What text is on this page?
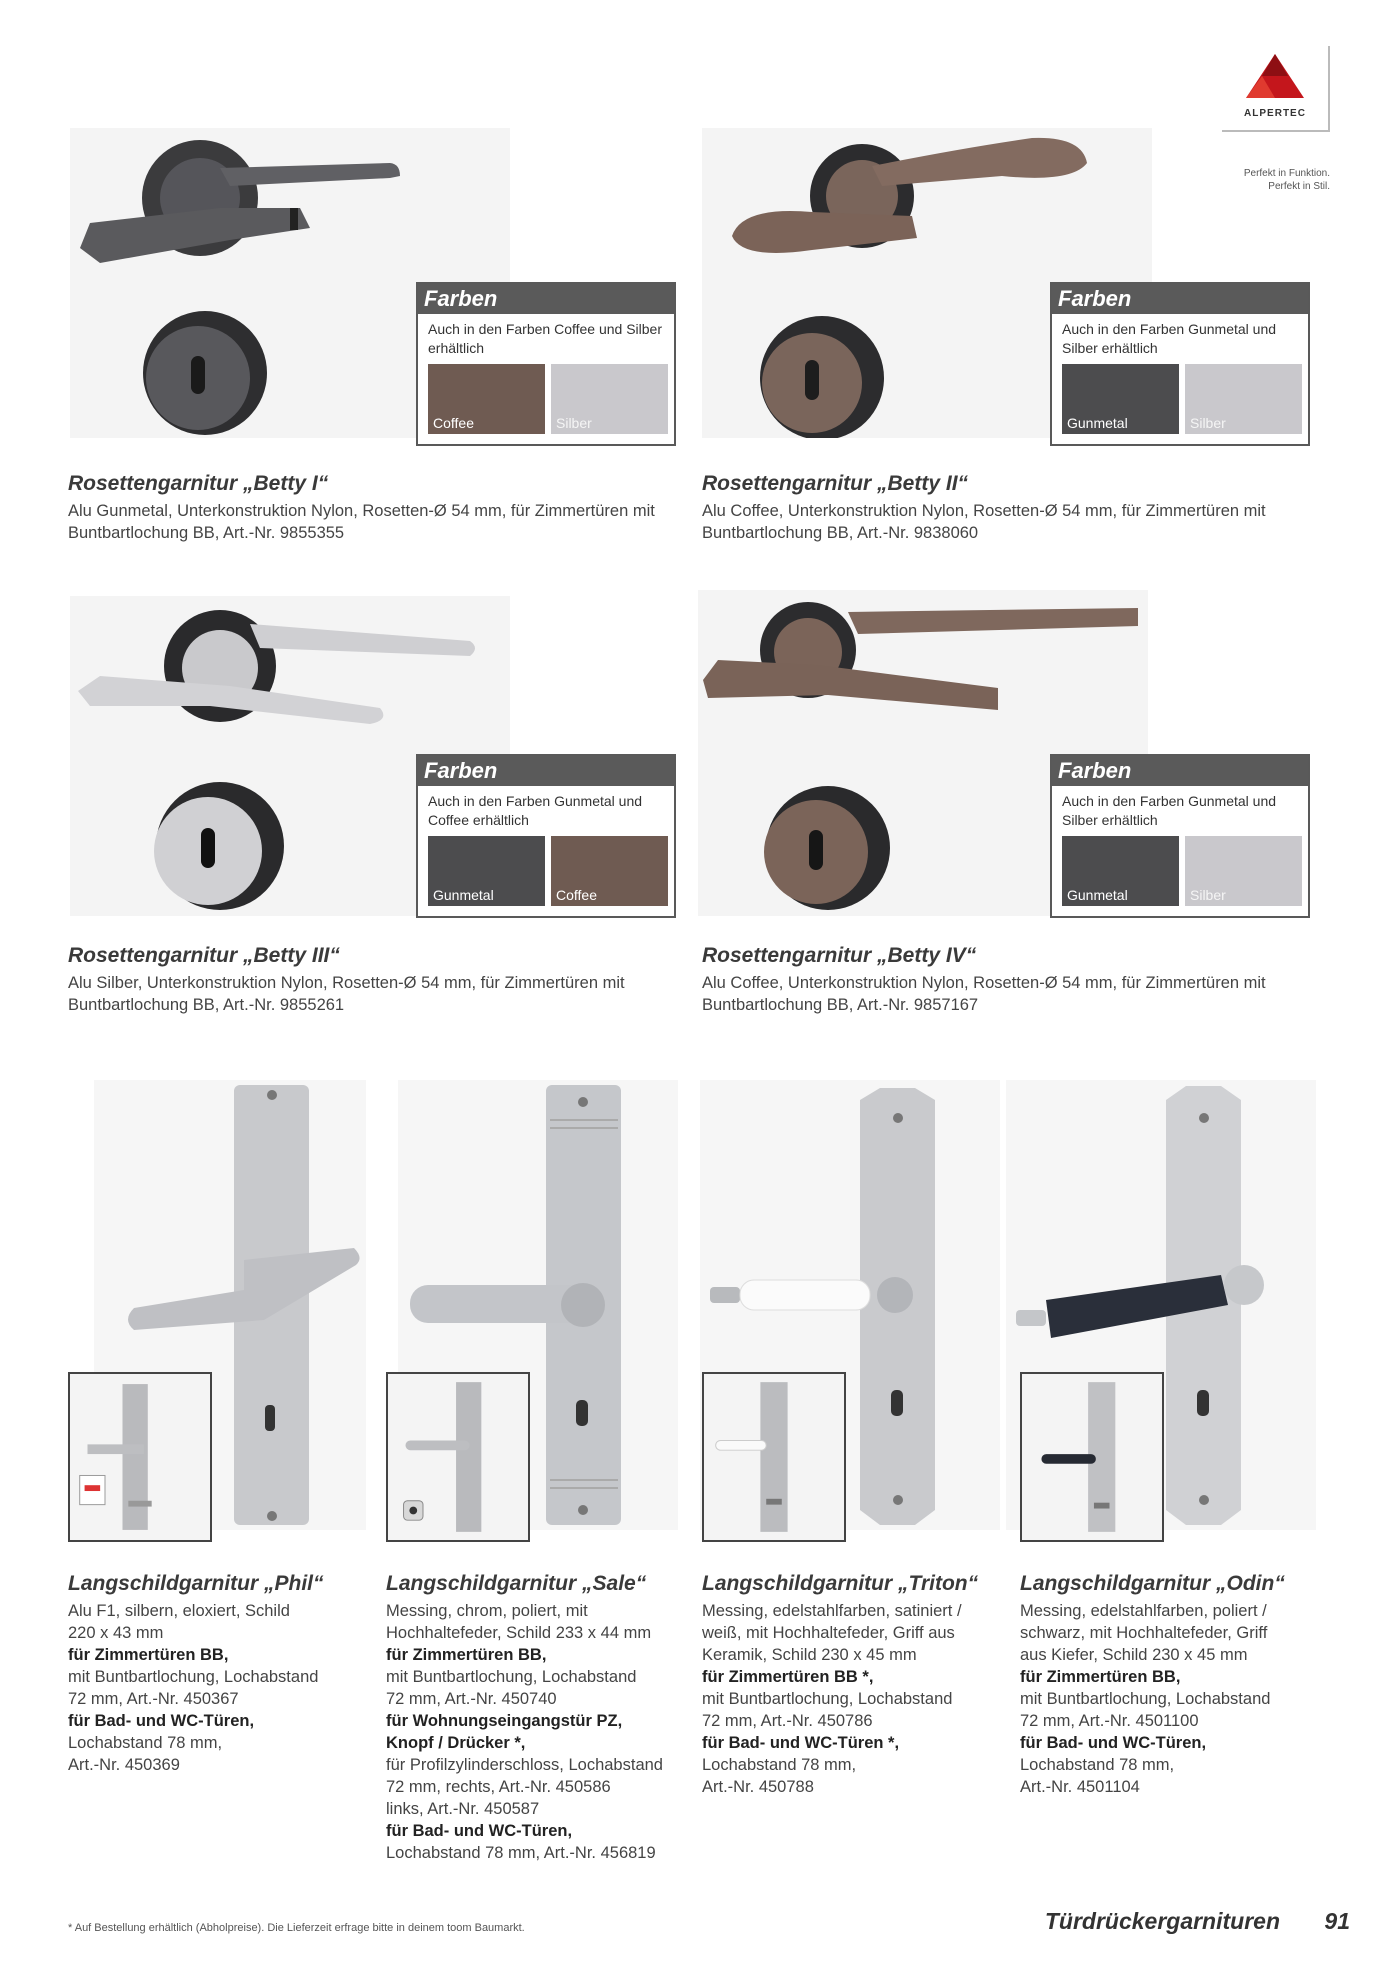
ALPERTEC
Perfekt in Funktion.
Perfekt in Stil.
Farben
Auch in den Farben Coffee und Silber erhältlich
Coffee	Silber
Rosettengarnitur „Betty I“
Alu Gunmetal, Unterkonstruktion Nylon, Rosetten-Ø 54 mm, für Zimmertüren mit Buntbartlochung BB, Art.-Nr. 9855355
Farben
Auch in den Farben Gunmetal und Silber erhältlich
Gunmetal	Silber
Rosettengarnitur „Betty II“
Alu Coffee, Unterkonstruktion Nylon, Rosetten-Ø 54 mm, für Zimmertüren mit Buntbartlochung BB, Art.-Nr. 9838060
Farben
Auch in den Farben Gunmetal und Coffee erhältlich
Gunmetal	Coffee
Rosettengarnitur „Betty III“
Alu Silber, Unterkonstruktion Nylon, Rosetten-Ø 54 mm, für Zimmertüren mit Buntbartlochung BB, Art.-Nr. 9855261
Farben
Auch in den Farben Gunmetal und Silber erhältlich
Gunmetal	Silber
Rosettengarnitur „Betty IV“
Alu Coffee, Unterkonstruktion Nylon, Rosetten-Ø 54 mm, für Zimmertüren mit Buntbartlochung BB, Art.-Nr. 9857167
Langschildgarnitur „Phil“
Alu F1, silbern, eloxiert, Schild
220 x 43 mm
für Zimmertüren BB,
mit Buntbartlochung, Lochabstand
72 mm, Art.-Nr. 450367
für Bad- und WC-Türen,
Lochabstand 78 mm,
Art.-Nr. 450369
Langschildgarnitur „Sale“
Messing, chrom, poliert, mit
Hochhaltefeder, Schild 233 x 44 mm
für Zimmertüren BB,
mit Buntbartlochung, Lochabstand
72 mm, Art.-Nr. 450740
für Wohnungseingangstür PZ,
Knopf / Drücker *,
für Profilzylinderschloss, Lochabstand
72 mm, rechts, Art.-Nr. 450586
links, Art.-Nr. 450587
für Bad- und WC-Türen,
Lochabstand 78 mm, Art.-Nr. 456819
Langschildgarnitur „Triton“
Messing, edelstahlfarben, satiniert /
weiß, mit Hochhaltefeder, Griff aus
Keramik, Schild 230 x 45 mm
für Zimmertüren BB *,
mit Buntbartlochung, Lochabstand
72 mm, Art.-Nr. 450786
für Bad- und WC-Türen *,
Lochabstand 78 mm,
Art.-Nr. 450788
Langschildgarnitur „Odin“
Messing, edelstahlfarben, poliert /
schwarz, mit Hochhaltefeder, Griff
aus Kiefer, Schild 230 x 45 mm
für Zimmertüren BB,
mit Buntbartlochung, Lochabstand
72 mm, Art.-Nr. 4501100
für Bad- und WC-Türen,
Lochabstand 78 mm,
Art.-Nr. 4501104
* Auf Bestellung erhältlich (Abholpreise). Die Lieferzeit erfrage bitte in deinem toom Baumarkt.	Türdrückergarnituren	91
